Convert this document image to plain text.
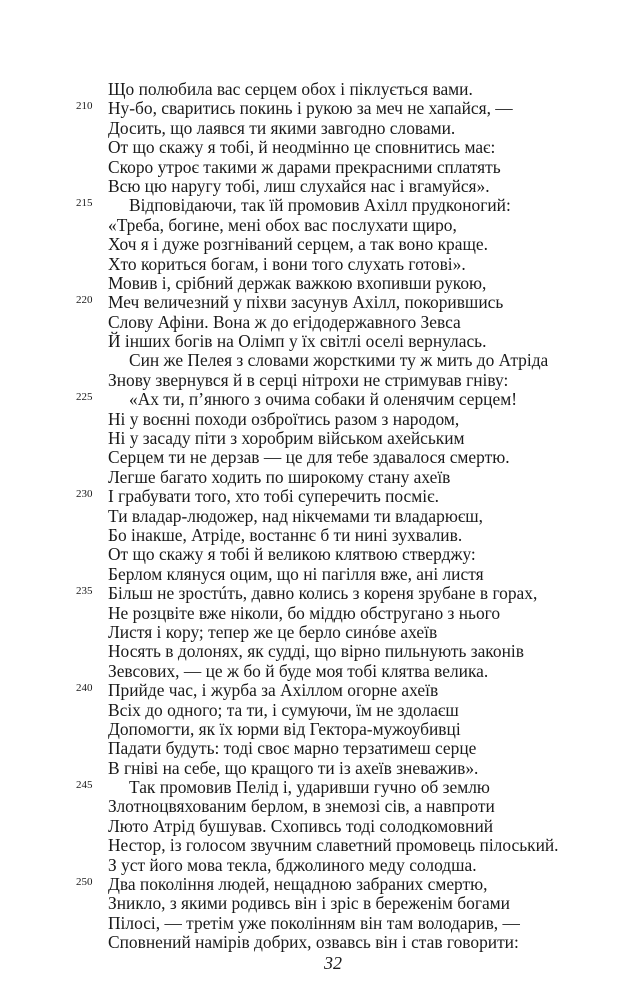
Що полюбила вас серцем обох і піклується вами.
210 Ну-бо, сваритись покинь і рукою за меч не хапайся, —
Досить, що лаявся ти якими завгодно словами.
От що скажу я тобі, й неодмінно це сповнитись має:
Скоро утроє такими ж дарами прекрасними сплатять
Всю цю наругу тобі, лиш слухайся нас і вгамуйся».
215 Відповідаючи, так їй промовив Ахілл прудконогий:
«Треба, богине, мені обох вас послухати щиро,
Хоч я і дуже розгніваний серцем, а так воно краще.
Хто кориться богам, і вони того слухать готові».
Мовив і, срібний держак важкою вхопивши рукою,
220 Меч величезний у піхви засунув Ахілл, покорившись
Слову Афіни. Вона ж до егідодержавного Зевса
Й інших богів на Олімп у їх світлі оселі вернулась.
Син же Пелея з словами жорсткими ту ж мить до Атріда
Знову звернувся й в серці нітрохи не стримував гніву:
225 «Ах ти, п’янюго з очима собаки й оленячим серцем!
Ні у воєнні походи озброїтись разом з народом,
Ні у засаду піти з хоробрим військом ахейським
Серцем ти не дерзав — це для тебе здавалося смертю.
Легше багато ходить по широкому стану ахеїв
230 І грабувати того, хто тобі суперечить посміє.
Ти владар-людожер, над нікчемами ти владарюєш,
Бо інакше, Атріде, востаннє б ти нині зухвалив.
От що скажу я тобі й великою клятвою стверджу:
Берлом клянуся оцим, що ні пагілля вже, ані листя
235 Більш не зростúть, давно колись з кореня зрубане в горах,
Не розцвіте вже ніколи, бо міддю обстругано з нього
Листя і кору; тепер же це берло синóве ахеїв
Носять в долонях, як судді, що вірно пильнують законів
Зевсових, — це ж бо й буде моя тобі клятва велика.
240 Прийде час, і журба за Ахіллом огорне ахеїв
Всіх до одного; та ти, і сумуючи, їм не здолаєш
Допомогти, як їх юрми від Гектора-мужоубивці
Падати будуть: тоді своє марно терзатимеш серце
В гніві на себе, що кращого ти із ахеїв зневажив».
245 Так промовив Пелід і, ударивши гучно об землю
Злотноцвяхованим берлом, в знемозі сів, а навпроти
Люто Атрід бушував. Схопивсь тоді солодкомовний
Нестор, із голосом звучним славетний промовець пілоський.
З уст його мова текла, бджолиного меду солодша.
250 Два покоління людей, нещадною забраних смертю,
Зникло, з якими родивсь він і зріс в береженім богами
Пілосі, — третім уже поколінням він там володарив, —
Сповнений намірів добрих, озвавсь він і став говорити:
32
